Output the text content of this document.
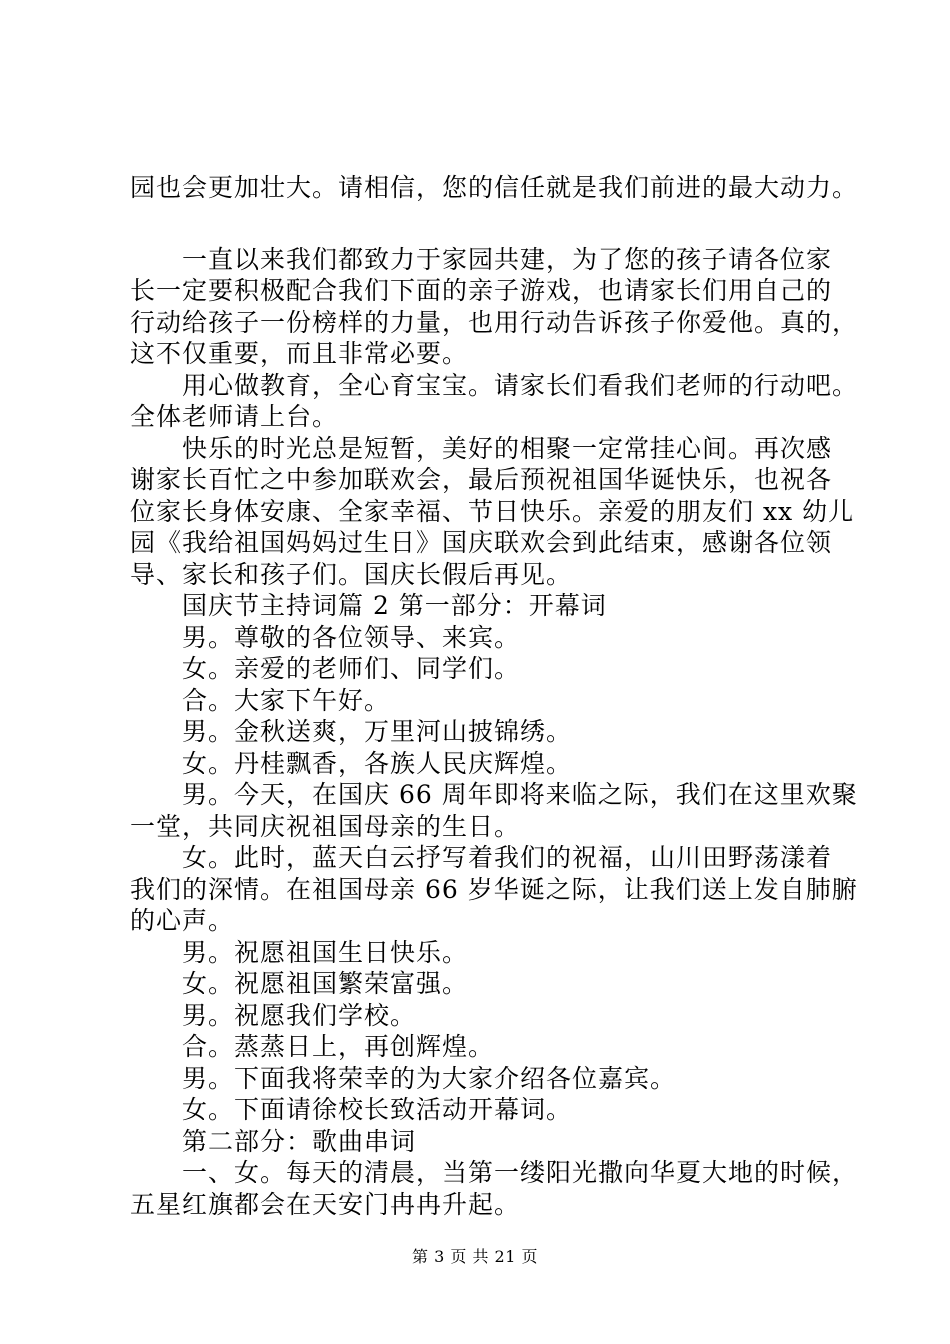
园也会更加壮大。请相信，您的信任就是我们前进的最大动力。
一直以来我们都致力于家园共建，为了您的孩子请各位家
长一定要积极配合我们下面的亲子游戏，也请家长们用自己的
行动给孩子一份榜样的力量，也用行动告诉孩子你爱他。真的，
这不仅重要，而且非常必要。
用心做教育，全心育宝宝。请家长们看我们老师的行动吧。
全体老师请上台。
快乐的时光总是短暂，美好的相聚一定常挂心间。再次感
谢家长百忙之中参加联欢会，最后预祝祖国华诞快乐，也祝各
位家长身体安康、全家幸福、节日快乐。亲爱的朋友们 xx 幼儿
园《我给祖国妈妈过生日》国庆联欢会到此结束，感谢各位领
导、家长和孩子们。国庆长假后再见。
国庆节主持词篇 2 第一部分：开幕词
男。尊敬的各位领导、来宾。
女。亲爱的老师们、同学们。
合。大家下午好。
男。金秋送爽，万里河山披锦绣。
女。丹桂飘香，各族人民庆辉煌。
男。今天，在国庆 66 周年即将来临之际，我们在这里欢聚
一堂，共同庆祝祖国母亲的生日。
女。此时，蓝天白云抒写着我们的祝福，山川田野荡漾着
我们的深情。在祖国母亲 66 岁华诞之际，让我们送上发自肺腑
的心声。
男。祝愿祖国生日快乐。
女。祝愿祖国繁荣富强。
男。祝愿我们学校。
合。蒸蒸日上，再创辉煌。
男。下面我将荣幸的为大家介绍各位嘉宾。
女。下面请徐校长致活动开幕词。
第二部分：歌曲串词
一、女。每天的清晨，当第一缕阳光撒向华夏大地的时候，
五星红旗都会在天安门冉冉升起。
第 3 页 共 21 页
